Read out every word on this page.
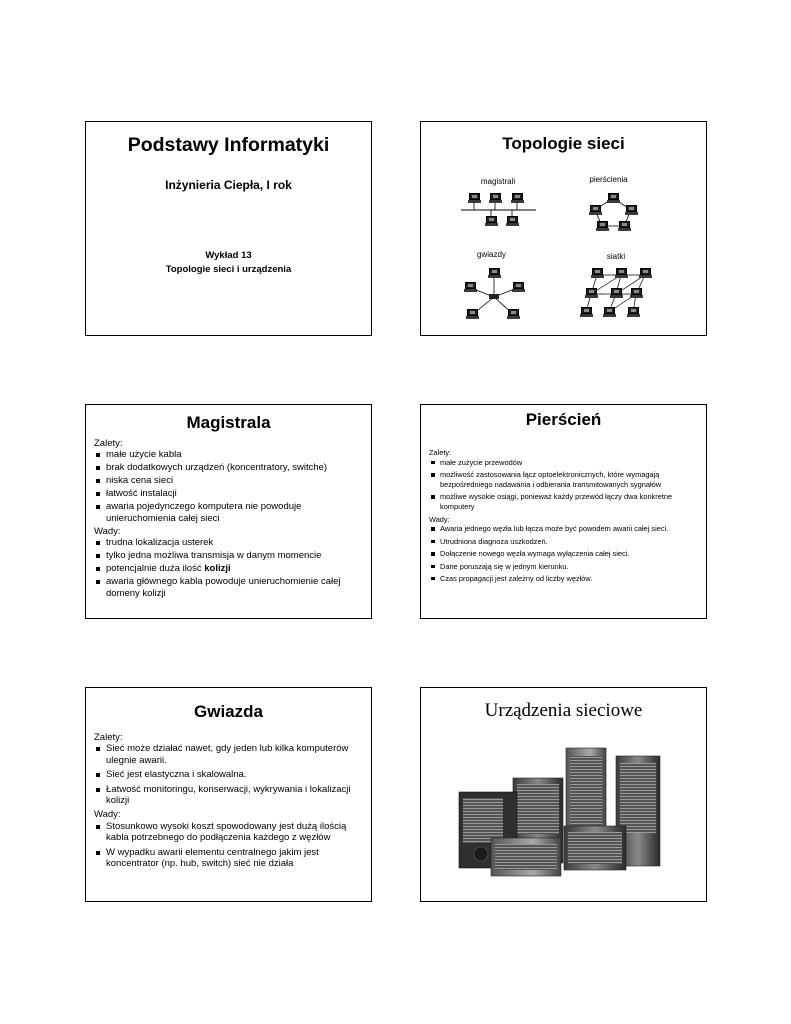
Podstawy Informatyki
Inżynieria Ciepła, I rok
Wykład 13
Topologie sieci i urządzenia
Topologie sieci
magistrali	pierścienia
gwiazdy	siatki
Magistrala

Zalety:

małe użycie kabla
brak dodatkowych urządzeń (koncentratory, switche)
niska cena sieci
łatwość instalacji
awaria pojedynczego komputera nie powoduje unieruchomienia całej sieci

Wady:

trudna lokalizacja usterek
tylko jedna możliwa transmisja w danym momencie
potencjalnie duża ilość kolizji
awaria głównego kabla powoduje unieruchomienie całej domeny kolizji
Pierścień

Zalety:

małe zużycie przewodów
możliwość zastosowania łącz optoelektronicznych, które wymagają bezpośredniego nadawania i odbierania transmitowanych sygnałów
możliwe wysokie osiągi, ponieważ każdy przewód łączy dwa konkretne komputery

Wady:

Awaria jednego węzła lub łącza może być powodem awarii całej sieci.
Utrudniona diagnoza uszkodzeń.
Dołączenie nowego węzła wymaga wyłączenia całej sieci.
Dane poruszają się w jednym kierunku.
Czas propagacji jest zależny od liczby węzłów.
Gwiazda

Zalety:

Sieć może działać nawet, gdy jeden lub kilka komputerów ulegnie awarii.
Sieć jest elastyczna i skalowalna.
Łatwość monitoringu, konserwacji, wykrywania i lokalizacji kolizji

Wady:

Stosunkowo wysoki koszt spowodowany jest dużą ilością kabla potrzebnego do podłączenia każdego z węzłów
W wypadku awarii elementu centralnego jakim jest koncentrator (np. hub, switch) sieć nie działa
Urządzenia sieciowe
